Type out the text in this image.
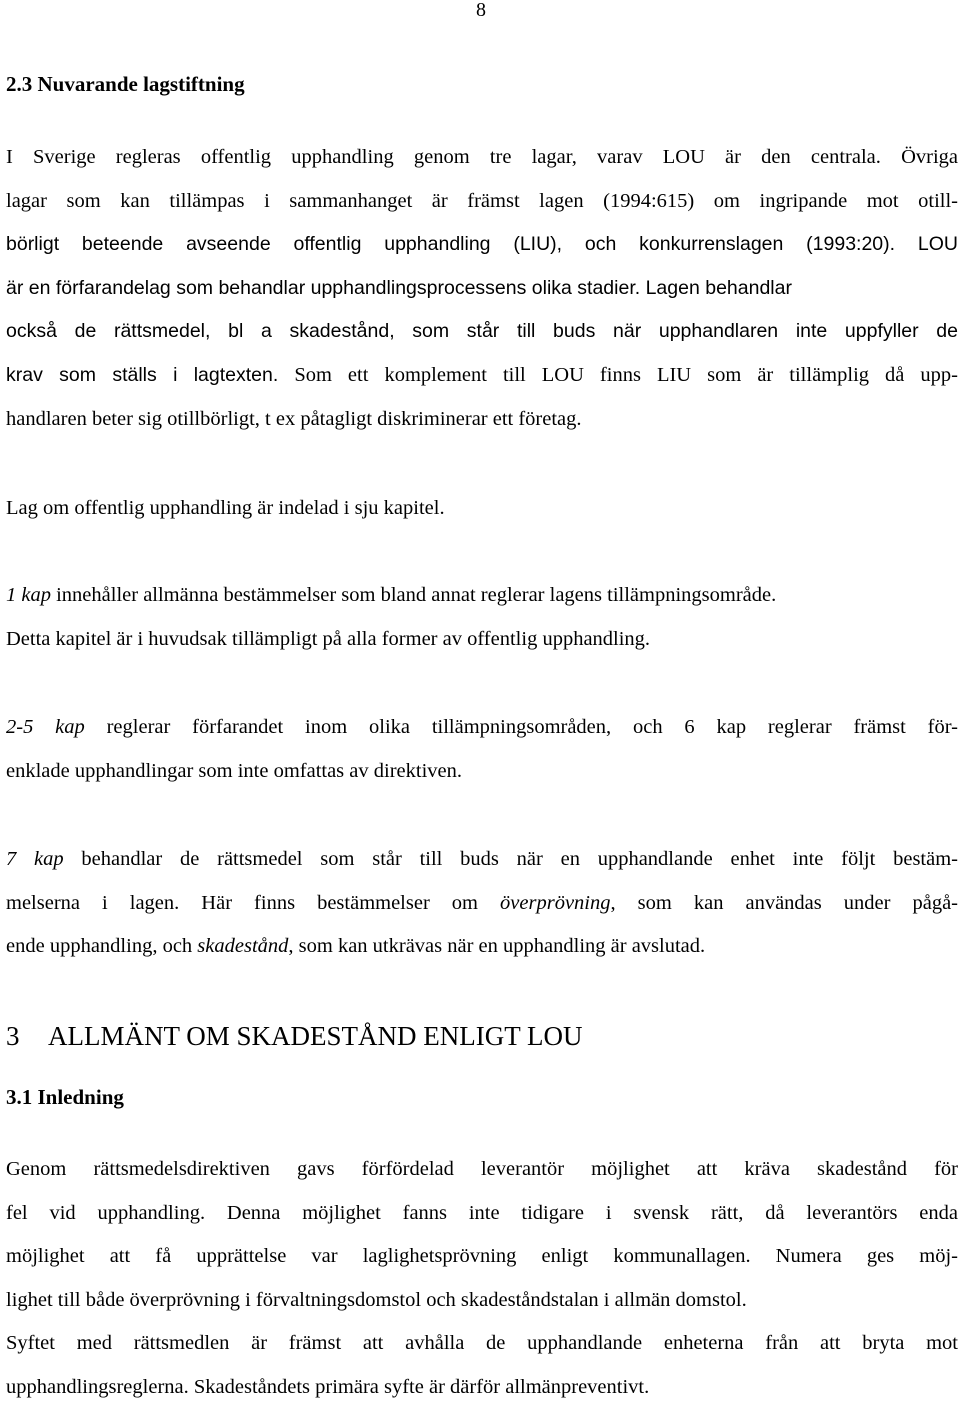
8
2.3 Nuvarande lagstiftning
I Sverige regleras offentlig upphandling genom tre lagar, varav LOU är den centrala. Övriga
lagar som kan tillämpas i sammanhanget är främst lagen (1994:615) om ingripande mot otill-
börligt beteende avseende offentlig upphandling (LIU), och konkurrenslagen (1993:20). LOU
är en förfarandelag som behandlar upphandlingsprocessens olika stadier. Lagen behandlar
också de rättsmedel, bl a skadestånd, som står till buds när upphandlaren inte uppfyller de
krav som ställs i lagtexten. Som ett komplement till LOU finns LIU som är tillämplig då upp-
handlaren beter sig otillbörligt, t ex påtagligt diskriminerar ett företag.

Lag om offentlig upphandling är indelad i sju kapitel.

1 kap innehåller allmänna bestämmelser som bland annat reglerar lagens tillämpningsområde.
Detta kapitel är i huvudsak tillämpligt på alla former av offentlig upphandling.
2-5 kap reglerar förfarandet inom olika tillämpningsområden, och 6 kap reglerar främst för-
enklade upphandlingar som inte omfattas av direktiven.
7 kap behandlar de rättsmedel som står till buds när en upphandlande enhet inte följt bestäm-
melserna i lagen. Här finns bestämmelser om överprövning, som kan användas under pågå-
ende upphandling, och skadestånd, som kan utkrävas när en upphandling är avslutad.
3 ALLMÄNT OM SKADESTÅND ENLIGT LOU
3.1 Inledning
Genom rättsmedelsdirektiven gavs förfördelad leverantör möjlighet att kräva skadestånd för
fel vid upphandling. Denna möjlighet fanns inte tidigare i svensk rätt, då leverantörs enda
möjlighet att få upprättelse var laglighetsprövning enligt kommunallagen. Numera ges möj-
lighet till både överprövning i förvaltningsdomstol och skadeståndstalan i allmän domstol.
Syftet med rättsmedlen är främst att avhålla de upphandlande enheterna från att bryta mot
upphandlingsreglerna. Skadeståndets primära syfte är därför allmänpreventivt.
